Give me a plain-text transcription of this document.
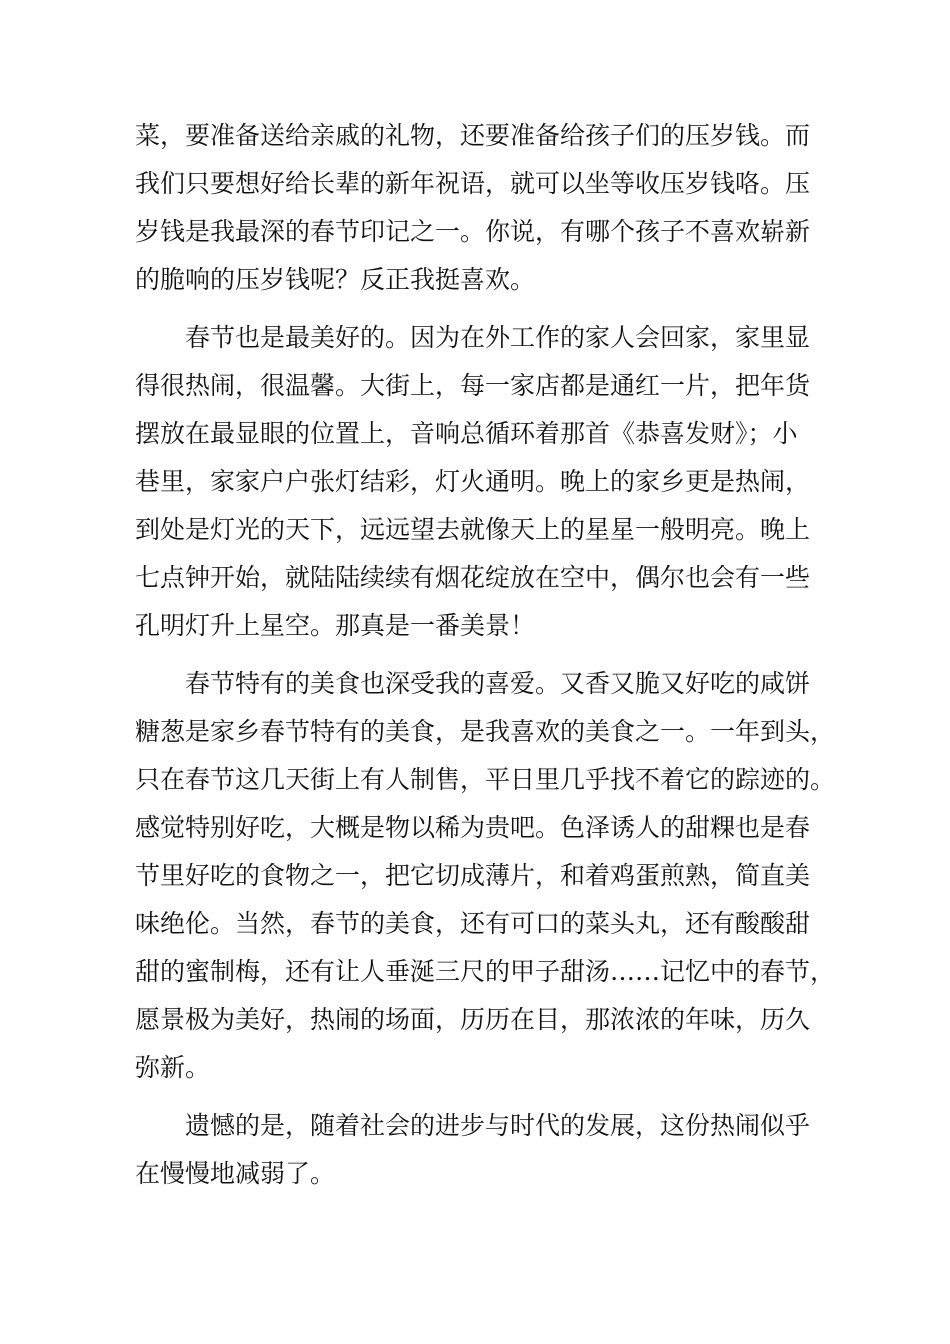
菜，要准备送给亲戚的礼物，还要准备给孩子们的压岁钱。而
我们只要想好给长辈的新年祝语，就可以坐等收压岁钱咯。压
岁钱是我最深的春节印记之一。你说，有哪个孩子不喜欢崭新
的脆响的压岁钱呢？反正我挺喜欢。
春节也是最美好的。因为在外工作的家人会回家，家里显
得很热闹，很温馨。大街上，每一家店都是通红一片，把年货
摆放在最显眼的位置上，音响总循环着那首《恭喜发财》；小
巷里，家家户户张灯结彩，灯火通明。晚上的家乡更是热闹，
到处是灯光的天下，远远望去就像天上的星星一般明亮。晚上
七点钟开始，就陆陆续续有烟花绽放在空中，偶尔也会有一些
孔明灯升上星空。那真是一番美景！
春节特有的美食也深受我的喜爱。又香又脆又好吃的咸饼
糖葱是家乡春节特有的美食，是我喜欢的美食之一。一年到头，
只在春节这几天街上有人制售，平日里几乎找不着它的踪迹的。
感觉特别好吃，大概是物以稀为贵吧。色泽诱人的甜粿也是春
节里好吃的食物之一，把它切成薄片，和着鸡蛋煎熟，简直美
味绝伦。当然，春节的美食，还有可口的菜头丸，还有酸酸甜
甜的蜜制梅，还有让人垂涎三尺的甲子甜汤……记忆中的春节，
愿景极为美好，热闹的场面，历历在目，那浓浓的年味，历久
弥新。
遗憾的是，随着社会的进步与时代的发展，这份热闹似乎
在慢慢地减弱了。
